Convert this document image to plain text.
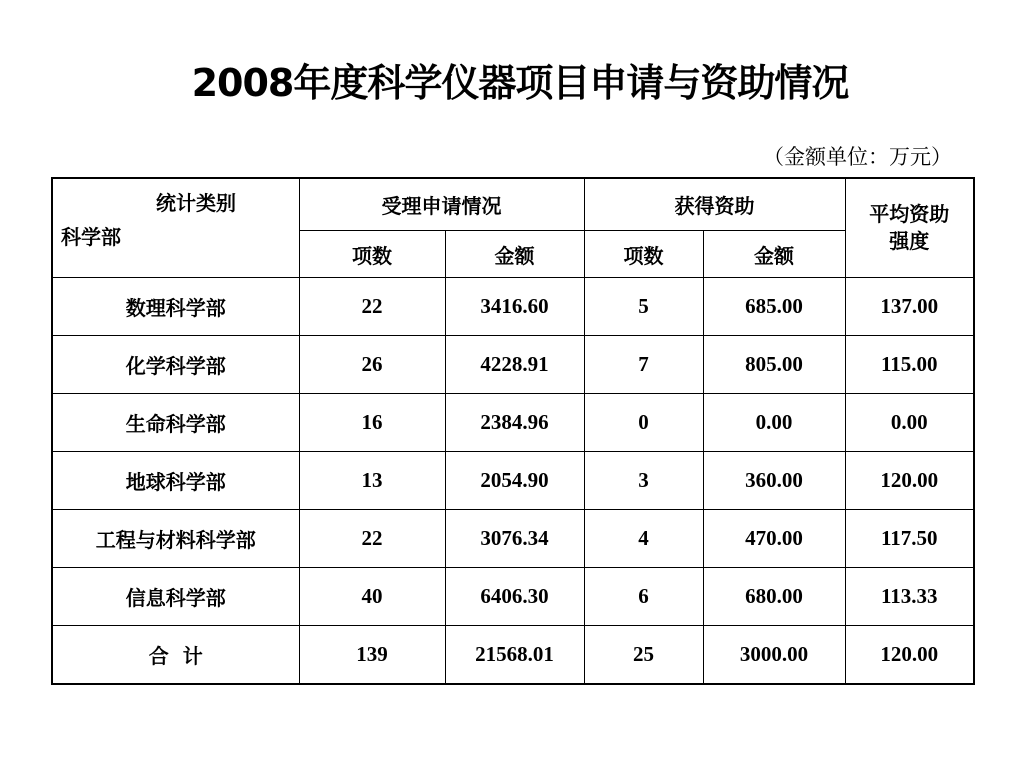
2008年度科学仪器项目申请与资助情况
（金额单位：万元）
统计类别
科学部	受理申请情况		获得资助		平均资助
强度

	项数	金额	项数	金额	
数理科学部	22	3416.60	5	685.00	137.00
化学科学部	26	4228.91	7	805.00	115.00
生命科学部	16	2384.96	0	0.00	0.00
地球科学部	13	2054.90	3	360.00	120.00
工程与材料科学部	22	3076.34	4	470.00	117.50
信息科学部	40	6406.30	6	680.00	113.33
合  计	139	21568.01	25	3000.00	120.00
